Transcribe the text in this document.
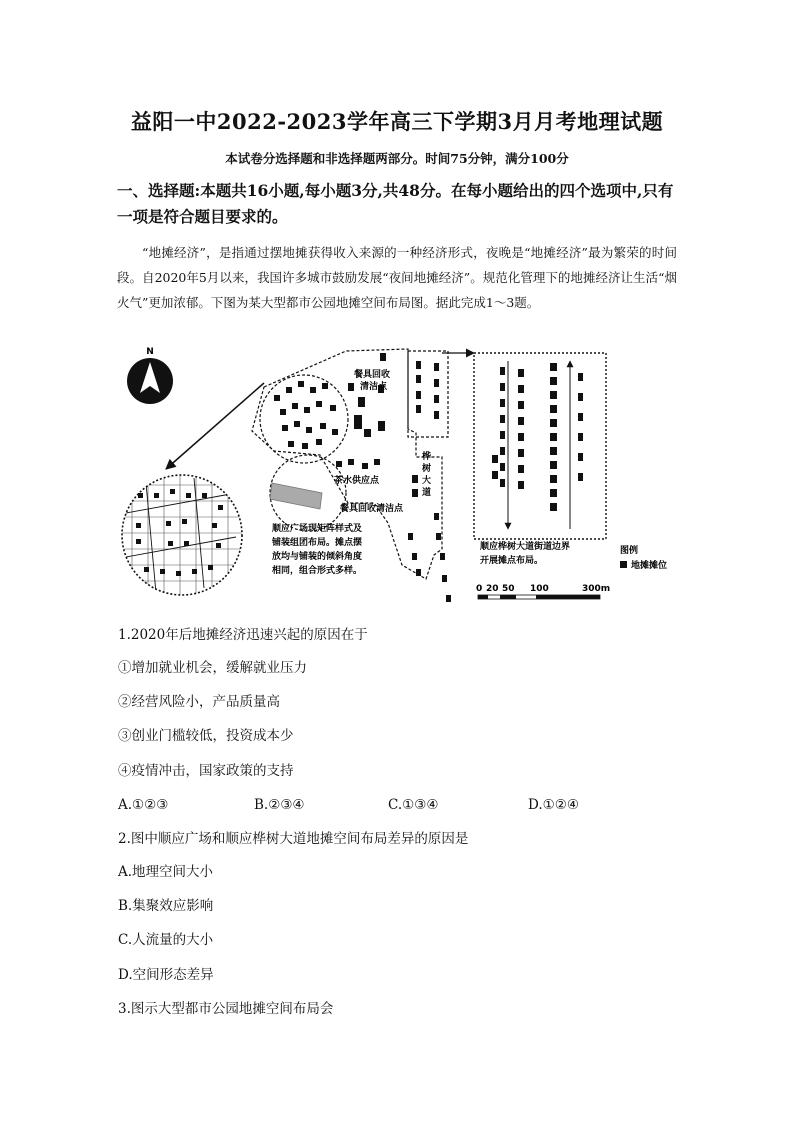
益阳一中2022-2023学年高三下学期3月月考地理试题
本试卷分选择题和非选择题两部分。时间75分钟，满分100分
一、选择题:本题共16小题,每小题3分,共48分。在每小题给出的四个选项中,只有
一项是符合题目要求的。
“地摊经济”，是指通过摆地摊获得收入来源的一种经济形式，夜晚是“地摊经济”最为繁荣的时间段。自2020年5月以来，我国许多城市鼓励发展“夜间地摊经济”。规范化管理下的地摊经济让生活“烟火气”更加浓郁。下图为某大型都市公园地摊空间布局图。据此完成1～3题。
N
餐具回收
清洁点
茶水供应点
餐具回收清洁点
桦
树
大
道
顺应广场现矩阵样式及
铺装组团布局。摊点摆
放均与铺装的倾斜角度
相同，组合形式多样。
顺应桦树大道街道边界
开展摊点布局。
图例
地摊摊位
0 20 50 100	300m
1.2020年后地摊经济迅速兴起的原因在于
①增加就业机会，缓解就业压力
②经营风险小，产品质量高
③创业门槛较低，投资成本少
④疫情冲击，国家政策的支持
A.①②③	B.②③④	C.①③④	D.①②④
2.图中顺应广场和顺应桦树大道地摊空间布局差异的原因是
A.地理空间大小
B.集聚效应影响
C.人流量的大小
D.空间形态差异
3.图示大型都市公园地摊空间布局会
